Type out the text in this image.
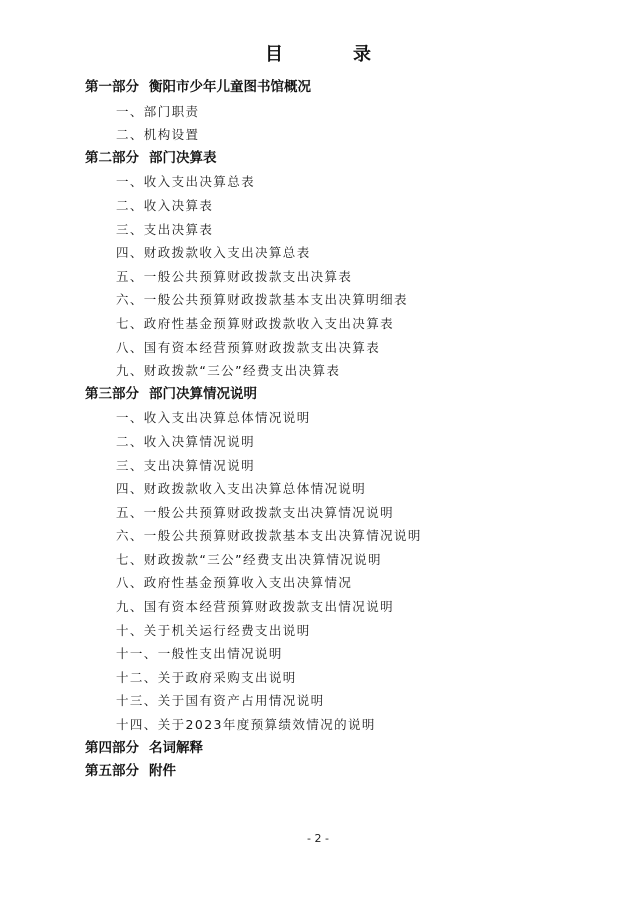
目　录
第一部分 衡阳市少年儿童图书馆概况
一、部门职责
二、机构设置
第二部分 部门决算表
一、收入支出决算总表
二、收入决算表
三、支出决算表
四、财政拨款收入支出决算总表
五、一般公共预算财政拨款支出决算表
六、一般公共预算财政拨款基本支出决算明细表
七、政府性基金预算财政拨款收入支出决算表
八、国有资本经营预算财政拨款支出决算表
九、财政拨款“三公”经费支出决算表
第三部分 部门决算情况说明
一、收入支出决算总体情况说明
二、收入决算情况说明
三、支出决算情况说明
四、财政拨款收入支出决算总体情况说明
五、一般公共预算财政拨款支出决算情况说明
六、一般公共预算财政拨款基本支出决算情况说明
七、财政拨款“三公”经费支出决算情况说明
八、政府性基金预算收入支出决算情况
九、国有资本经营预算财政拨款支出情况说明
十、关于机关运行经费支出说明
十一、一般性支出情况说明
十二、关于政府采购支出说明
十三、关于国有资产占用情况说明
十四、关于2023年度预算绩效情况的说明
第四部分 名词解释
第五部分 附件
- 2 -
